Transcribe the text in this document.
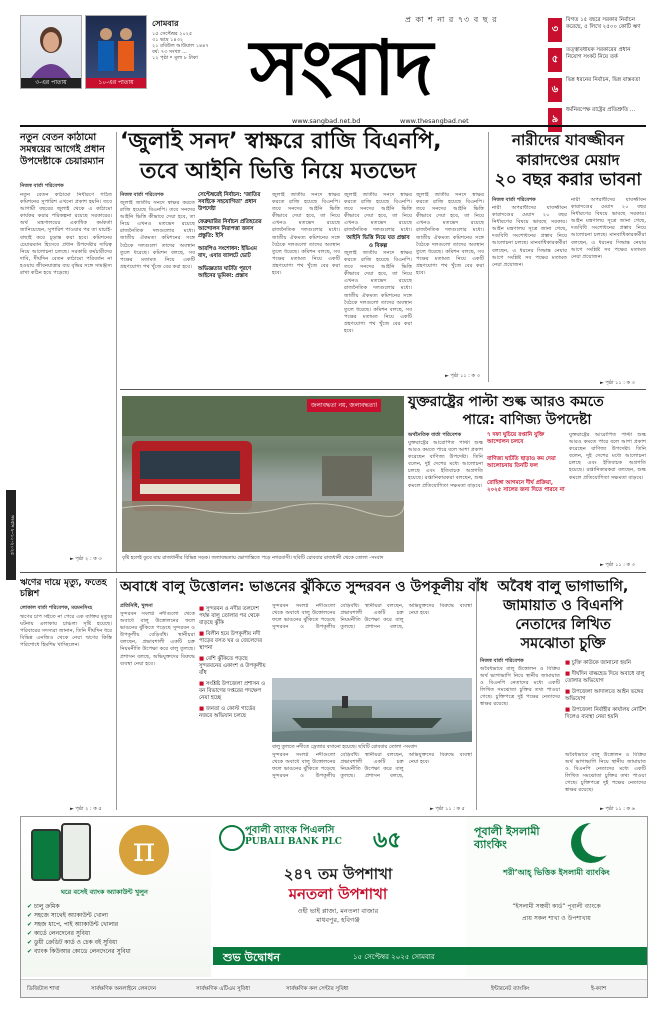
৩-এর পাতায়	১০-এর পাতায়
সোমবার
১৫ সেপ্টেম্বর ২০২৫
৩১ ভাদ্র ১৪৩২
২১ রবিউল আউয়াল ১৪৪৭
বর্ষ: ৭৩ সংখ্যা ...
১২ পৃষ্ঠা ‣ মূল্য ৮ টাকা
প্র কা শ না র ৭৩ ব ছ র
সংবাদ
www.sangbad.net.bd	www.thesangbad.net
৩
বিগত ১৫ বছরে সরকার নির্বাচন করেছে, ৫ লিখে ২৫০০ কোটি ঋণ
৫
তত্ত্বাবধায়ক সরকারের প্রধান নিয়োগ সংকট নিয়ে তর্ক
৬
ভিন্ন ধরনের নির্বাচন, ভিন্ন বাস্তবতা
৯
ধর্মনিরপেক্ষ রাষ্ট্রের প্রতিশ্রুতি ...
নতুন বেতন কাঠামো সমন্বয়ের আগেই প্রধান উপদেষ্টাকে চেয়ারম্যান
নিজস্ব বার্তা পরিবেশক
নতুন বেতন কাঠামো নির্ধারণে গঠিত কমিশনের সুপারিশ এখনো প্রকাশ হয়নি। তবে আগামী বছরের জুলাই থেকে এ কাঠামো কার্যকর করার পরিকল্পনা রয়েছে সরকারের। অর্থ মন্ত্রণালয়ের একাধিক কর্মকর্তা জানিয়েছেন, সুপারিশ পাওয়ার পর তা যাচাই-বাছাই করে চূড়ান্ত করা হবে। কমিশনের চেয়ারম্যান হিসেবে প্রধান উপদেষ্টার দায়িত্ব নিয়ে আলোচনা চলছে। সরকারি কর্মচারীদের দাবি, দীর্ঘদিন বেতন কাঠামো পরিবর্তন না হওয়ায় জীবনযাত্রার ব্যয় বৃদ্ধির সঙ্গে সামঞ্জস্য রাখা কঠিন হয়ে পড়েছে।
► পৃষ্ঠা ২ : ক ৩
সংবাদ ৮-১০-২০২৫
‘জুলাই সনদ’ স্বাক্ষরে রাজি বিএনপি,
তবে আইনি ভিত্তি নিয়ে মতভেদ
নিজস্ব বার্তা পরিবেশক
জুলাই জাতীয় সনদে স্বাক্ষর করতে রাজি হয়েছে বিএনপি। তবে সনদের আইনি ভিত্তি কীভাবে দেয়া হবে, তা নিয়ে এখনও মতভেদ রয়েছে রাজনৈতিক দলগুলোর মধ্যে। জাতীয় ঐকমত্য কমিশনের সঙ্গে বৈঠকে দলগুলো তাদের অবস্থান তুলে ধরেছে। কমিশন বলছে, সব পক্ষের মতামত নিয়ে একটি গ্রহণযোগ্য পথ খুঁজে বের করা হবে।
সেপ্টেম্বরেই নির্বাচন: ‘জাতির সবাইকে সহযোগিতা’ প্রধান উপদেষ্টা
ফেব্রুয়ারির নির্বাচন প্রতিহতের আন্দোলন নিরাপত্তা জনস প্রস্তুতি: ইসি
আরপিও সংশোধন: ইভিএম বাদ, এবার ব্যালটে ভোট
অভিজ্ঞতার ঘাটতি পূরণে আইনের ভূমিকা: প্রস্তাব
জুলাই জাতীয় সনদে স্বাক্ষর করতে রাজি হয়েছে বিএনপি। তবে সনদের আইনি ভিত্তি কীভাবে দেয়া হবে, তা নিয়ে এখনও মতভেদ রয়েছে রাজনৈতিক দলগুলোর মধ্যে। জাতীয় ঐকমত্য কমিশনের সঙ্গে বৈঠকে দলগুলো তাদের অবস্থান তুলে ধরেছে। কমিশন বলছে, সব পক্ষের মতামত নিয়ে একটি গ্রহণযোগ্য পথ খুঁজে বের করা হবে।
আইনি ভিত্তি নিয়ে যত প্রস্তাব ও বিকল্প
জুলাই জাতীয় সনদে স্বাক্ষর করতে রাজি হয়েছে বিএনপি। তবে সনদের আইনি ভিত্তি কীভাবে দেয়া হবে, তা নিয়ে এখনও মতভেদ রয়েছে রাজনৈতিক দলগুলোর মধ্যে।
জুলাই জাতীয় সনদে স্বাক্ষর করতে রাজি হয়েছে বিএনপি। তবে সনদের আইনি ভিত্তি কীভাবে দেয়া হবে, তা নিয়ে এখনও মতভেদ রয়েছে রাজনৈতিক দলগুলোর মধ্যে। জাতীয় ঐকমত্য কমিশনের সঙ্গে বৈঠকে দলগুলো তাদের অবস্থান তুলে ধরেছে। কমিশন বলছে, সব পক্ষের মতামত নিয়ে একটি গ্রহণযোগ্য পথ খুঁজে বের করা হবে।
জুলাই জাতীয় সনদে স্বাক্ষর করতে রাজি হয়েছে বিএনপি। তবে সনদের আইনি ভিত্তি কীভাবে দেয়া হবে, তা নিয়ে এখনও মতভেদ রয়েছে রাজনৈতিক দলগুলোর মধ্যে। জাতীয় ঐকমত্য কমিশনের সঙ্গে বৈঠকে দলগুলো তাদের অবস্থান তুলে ধরেছে। কমিশন বলছে, সব পক্ষের মতামত নিয়ে একটি গ্রহণযোগ্য পথ খুঁজে বের করা হবে।
► পৃষ্ঠা ১১ : ক ৩
নারীদের যাবজ্জীবন
কারাদণ্ডের মেয়াদ
২০ বছর করার ভাবনা
নিজস্ব বার্তা পরিবেশক
নারী অপরাধীদের যাবজ্জীবন কারাদণ্ডের মেয়াদ ২০ বছর নির্ধারণের বিষয়ে ভাবছে সরকার। আইন মন্ত্রণালয় সূত্রে জানা গেছে, দণ্ডবিধি সংশোধনের প্রস্তাব নিয়ে আলোচনা চলছে। মানবাধিকারকর্মীরা বলছেন, এ ধরনের সিদ্ধান্ত নেয়ার আগে সংশ্লিষ্ট সব পক্ষের মতামত নেয়া প্রয়োজন।
নারী অপরাধীদের যাবজ্জীবন কারাদণ্ডের মেয়াদ ২০ বছর নির্ধারণের বিষয়ে ভাবছে সরকার। আইন মন্ত্রণালয় সূত্রে জানা গেছে, দণ্ডবিধি সংশোধনের প্রস্তাব নিয়ে আলোচনা চলছে। মানবাধিকারকর্মীরা বলছেন, এ ধরনের সিদ্ধান্ত নেয়ার আগে সংশ্লিষ্ট সব পক্ষের মতামত নেয়া প্রয়োজন।
► পৃষ্ঠা ১১ : ক ৩
জলাবদ্ধতা নয়, জলাবদ্ধতা!
বৃষ্টি হলেই ডুবে যায় রাজধানীর বিভিন্ন সড়ক। জলাবদ্ধতায় ভোগান্তিতে পড়ে নগরবাসী। ছবিটি রোববার রাজধানী থেকে তোলা -সংবাদ
যুক্তরাষ্ট্রের পাল্টা শুল্ক আরও কমতে
পারে: বাণিজ্য উপদেষ্টা
অর্থনৈতিক বার্তা পরিবেশক
যুক্তরাষ্ট্রের আরোপিত পাল্টা শুল্ক আরও কমতে পারে বলে আশা প্রকাশ করেছেন বাণিজ্য উপদেষ্টা। তিনি বলেন, দুই দেশের মধ্যে আলোচনা চলছে এবং ইতিবাচক অগ্রগতি হয়েছে। রপ্তানিকারকরা বলছেন, শুল্ক কমলে প্রতিযোগিতা সক্ষমতা বাড়বে।
৭ দফা ঘুচিয়ে রপ্তানি যুক্তি আন্দোলন চলবে
বাণিজ্য ঘাটতি ছাড়াও কম দেয়া আলোচনায় তিনটি ফল
রোহিঙ্গা আগমনে দীর্ঘ প্রক্রিয়া, ২০২৫ সালের জন্য দিতে পারবে না
যুক্তরাষ্ট্রের আরোপিত পাল্টা শুল্ক আরও কমতে পারে বলে আশা প্রকাশ করেছেন বাণিজ্য উপদেষ্টা। তিনি বলেন, দুই দেশের মধ্যে আলোচনা চলছে এবং ইতিবাচক অগ্রগতি হয়েছে। রপ্তানিকারকরা বলছেন, শুল্ক কমলে প্রতিযোগিতা সক্ষমতা বাড়বে।
► পৃষ্ঠা ১১ : ক ৩
ঋণের দায়ে মৃত্যু, ফতেহ চল্লিশ
লোকাল বার্তা পরিবেশক, ময়মনসিংহ
ঋণের চাপ সইতে না পেরে এক ব্যক্তির মৃত্যুর ঘটনায় এলাকায় চাঞ্চল্য সৃষ্টি হয়েছে। পরিবারের সদস্যরা জানান, তিনি দীর্ঘদিন ধরে বিভিন্ন এনজিও থেকে নেয়া ঋণের কিস্তি পরিশোধে হিমশিম খাচ্ছিলেন।
► পৃষ্ঠা ২ : ক ৫
অবাধে বালু উত্তোলন: ভাঙনের ঝুঁকিতে সুন্দরবন ও উপকূলীয় বাঁধ
প্রতিনিধি, খুলনা
সুন্দরবন সংলগ্ন নদীগুলো থেকে অবাধে বালু উত্তোলনের ফলে ভাঙনের ঝুঁকিতে পড়েছে সুন্দরবন ও উপকূলীয় বেড়িবাঁধ। স্থানীয়রা বলছেন, প্রভাবশালী একটি চক্র নিয়মনীতি উপেক্ষা করে বালু তুলছে। প্রশাসন বলছে, অভিযুক্তদের বিরুদ্ধে ব্যবস্থা নেয়া হবে।
■ সুন্দরবন ও নদীর তলদেশ পর্যন্ত বালু তোলার পর থেকে বাড়ছে ঝুঁকি
■ বিলীন হয়ে উপকূলীয় নদী পাড়ের বসত ঘর ও জেলেদের স্থাপনা
■ বেশি ঝুঁকিতে পড়ছে সুন্দরবনের একাংশ ও উপকূলীয় বাঁধ
■ সংশ্লিষ্ট উপজেলা প্রশাসন ও বন বিভাগের দপ্তরের পদক্ষেপ নেয়া হচ্ছে
■ জনতা ও কোস্ট গার্ডের নজরে অভিযান চলছে
সুন্দরবন সংলগ্ন নদীগুলো থেকে অবাধে বালু উত্তোলনের ফলে ভাঙনের ঝুঁকিতে পড়েছে সুন্দরবন ও উপকূলীয় বেড়িবাঁধ। স্থানীয়রা বলছেন, প্রভাবশালী একটি চক্র নিয়মনীতি উপেক্ষা করে বালু তুলছে। প্রশাসন বলছে, অভিযুক্তদের বিরুদ্ধে ব্যবস্থা নেয়া হবে।
বালু তুলতে নদীতে ড্রেজার বসানো হয়েছে। ছবিটি রোববার তোলা -সংবাদ
সুন্দরবন সংলগ্ন নদীগুলো থেকে অবাধে বালু উত্তোলনের ফলে ভাঙনের ঝুঁকিতে পড়েছে সুন্দরবন ও উপকূলীয় বেড়িবাঁধ। স্থানীয়রা বলছেন, প্রভাবশালী একটি চক্র নিয়মনীতি উপেক্ষা করে বালু তুলছে। প্রশাসন বলছে, অভিযুক্তদের বিরুদ্ধে ব্যবস্থা নেয়া হবে।
► পৃষ্ঠা ১১ : ক ৫
অবৈধ বালু ভাগাভাগি,
জামায়াত ও বিএনপি
নেতাদের লিখিত
সমঝোতা চুক্তি
নিজস্ব বার্তা পরিবেশক
অবৈধভাবে বালু উত্তোলন ও বিক্রির অর্থ ভাগাভাগি নিয়ে স্থানীয় জামায়াত ও বিএনপি নেতাদের মধ্যে একটি লিখিত সমঝোতা চুক্তির তথ্য পাওয়া গেছে। চুক্তিপত্রে দুই পক্ষের নেতাদের স্বাক্ষর রয়েছে।
■ চুক্তি কাউকে জানানো হয়নি
■ দীর্ঘদিন বাল্কহেড দিয়ে অবাধে বালু তোলার অভিযোগ
■ উপজেলা আদালতে আইন ভঙ্গের অভিযোগ
■ উপজেলা নির্বাহীর কার্যালয় নোটিশ দিলেও ব্যবস্থা নেয়া হয়নি
অবৈধভাবে বালু উত্তোলন ও বিক্রির অর্থ ভাগাভাগি নিয়ে স্থানীয় জামায়াত ও বিএনপি নেতাদের মধ্যে একটি লিখিত সমঝোতা চুক্তির তথ্য পাওয়া গেছে। চুক্তিপত্রে দুই পক্ষের নেতাদের স্বাক্ষর রয়েছে।
► পৃষ্ঠা ১১ : ক ৬
π
ঘরে বসেই ব্যাংক অ্যাকাউন্ট খুলুন
✔ চালু ক্রমিক
✔ সহজে সাথেই অ্যাকাউন্ট খোলা
✔ সহজ ধাপে, পাই অ্যাকাউন্ট খোলার
✔ কার্ডে লেনদেনের সুবিধা
✔ ডুয়ী ক্রেডিট কার্ড ও চেক বই সুবিধা
✔ ব্যাংক কিউআর কোডে লেনদেনের সুবিধা
পূবালী ব্যাংক পিএলসি
PUBALI BANK PLC ৬৫
২৪৭ তম উপশাখা
মনতলা উপশাখা
ওহী ভাই প্লাজা, মনতলা বাজার
মাধবপুর, হবিগঞ্জ
পূবালী ইসলামী ব্যাংকিং
শরী’আহ্ ভিত্তিক ইসলামী ব্যাংকিং
“ইসলামী সঞ্চয়ী কার্ড” পূবালী ব্যাংকে
প্রায় সকল শাখা ও উপশাখায়
শুভ উদ্বোধন	১৫ সেপ্টেম্বর ২০২৫ সোমবার
ডিজিটাল শাখা	সার্বক্ষণিক অনলাইনে লেনদেন	সার্বক্ষণিক এটিএম সুবিধা	সার্বক্ষণিক কল সেন্টার সুবিধা	ইন্টারনেট ব্যাংকিং	ই-ক্যাশ
